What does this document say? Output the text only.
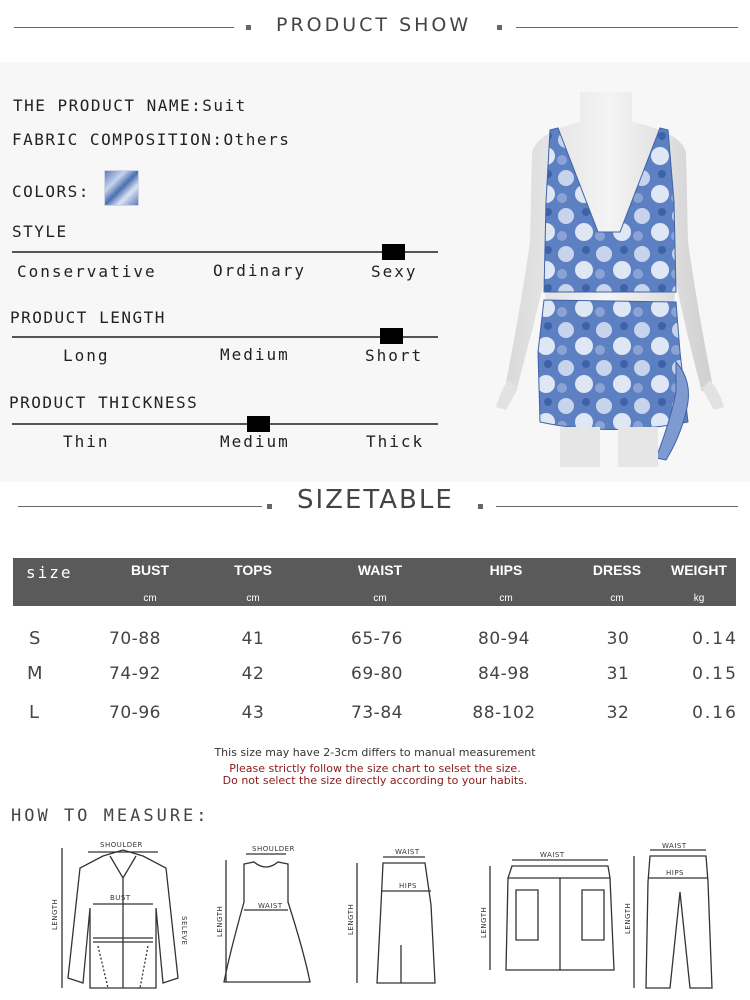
PRODUCT SHOW
THE PRODUCT NAME:Suit
FABRIC COMPOSITION:Others
COLORS:
STYLE
Conservative	Ordinary	Sexy
PRODUCT LENGTH
Long	Medium	Short
PRODUCT THICKNESS
Thin	Medium	Thick
SIZETABLE
size	BUST	TOPS	WAIST	HIPS	DRESS	WEIGHT
cm	cm	cm	cm	cm	kg
S	70-88	41	65-76	80-94	30	0.14
M	74-92	42	69-80	84-98	31	0.15
L	70-96	43	73-84	88-102	32	0.16
This size may have 2-3cm differs to manual measurement
Please strictly follow the size chart to selset the size.
Do not select the size directly according to your habits.
HOW TO MEASURE:
SHOULDER
BUST
LENGTH
SELEVE
SHOULDER
WAIST
LENGTH
WAIST
HIPS
LENGTH
WAIST
LENGTH
WAIST
HIPS
LENGTH
